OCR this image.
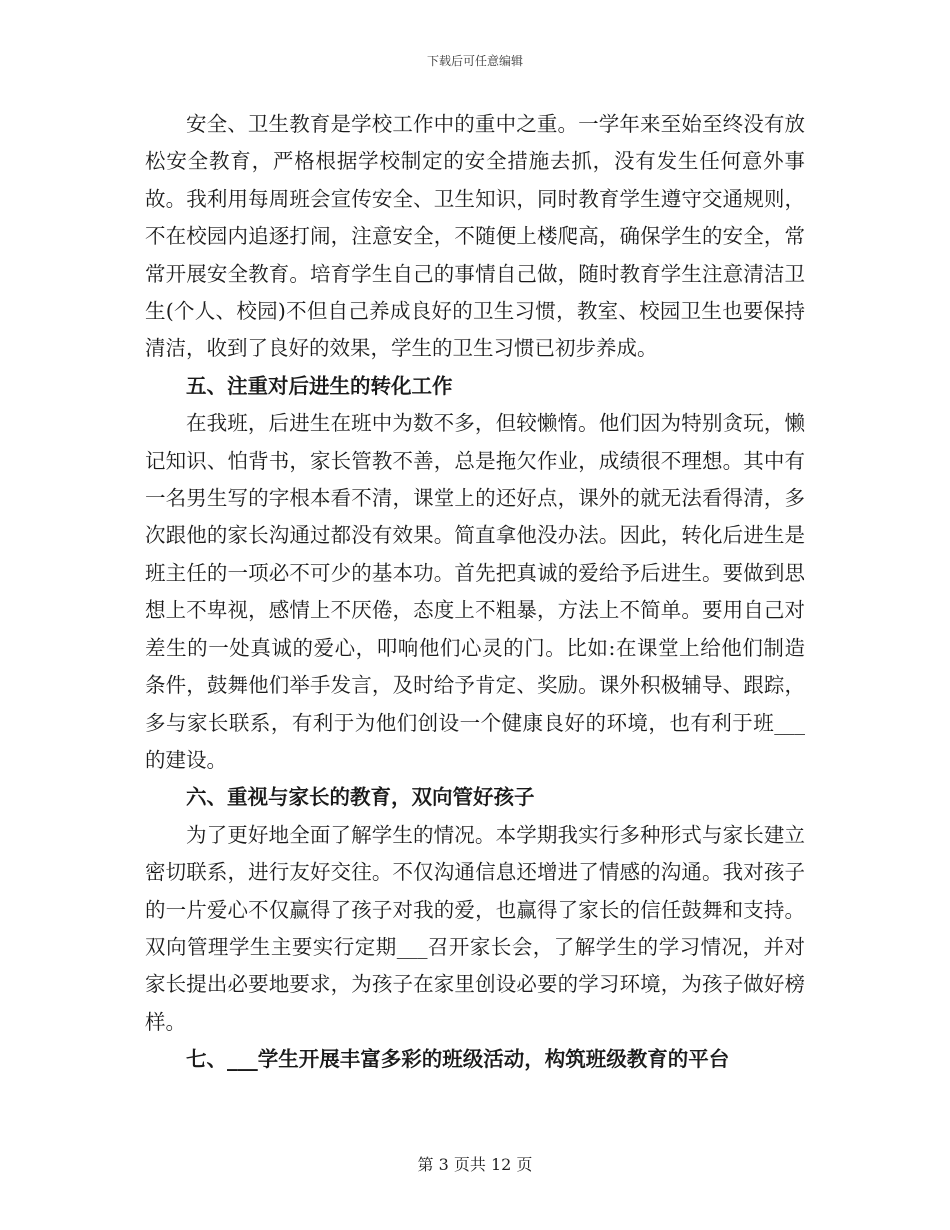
下载后可任意编辑

安全、卫生教育是学校工作中的重中之重。一学年来至始至终没有放松安全教育，严格根据学校制定的安全措施去抓，没有发生任何意外事故。我利用每周班会宣传安全、卫生知识，同时教育学生遵守交通规则，不在校园内追逐打闹，注意安全，不随便上楼爬高，确保学生的安全，常常开展安全教育。培育学生自己的事情自己做，随时教育学生注意清洁卫生(个人、校园)不但自己养成良好的卫生习惯，教室、校园卫生也要保持清洁，收到了良好的效果，学生的卫生习惯已初步养成。

五、注重对后进生的转化工作

在我班，后进生在班中为数不多，但较懒惰。他们因为特别贪玩，懒记知识、怕背书，家长管教不善，总是拖欠作业，成绩很不理想。其中有一名男生写的字根本看不清，课堂上的还好点，课外的就无法看得清，多次跟他的家长沟通过都没有效果。简直拿他没办法。因此，转化后进生是班主任的一项必不可少的基本功。首先把真诚的爱给予后进生。要做到思想上不卑视，感情上不厌倦，态度上不粗暴，方法上不简单。要用自己对差生的一处真诚的爱心，叩响他们心灵的门。比如:在课堂上给他们制造条件，鼓舞他们举手发言，及时给予肯定、奖励。课外积极辅导、跟踪，多与家长联系，有利于为他们创设一个健康良好的环境，也有利于班___的建设。

六、重视与家长的教育，双向管好孩子

为了更好地全面了解学生的情况。本学期我实行多种形式与家长建立密切联系，进行友好交往。不仅沟通信息还增进了情感的沟通。我对孩子的一片爱心不仅赢得了孩子对我的爱，也赢得了家长的信任鼓舞和支持。双向管理学生主要实行定期___召开家长会，了解学生的学习情况，并对家长提出必要地要求，为孩子在家里创设必要的学习环境，为孩子做好榜样。

七、___学生开展丰富多彩的班级活动，构筑班级教育的平台
第 3 页共 12 页
